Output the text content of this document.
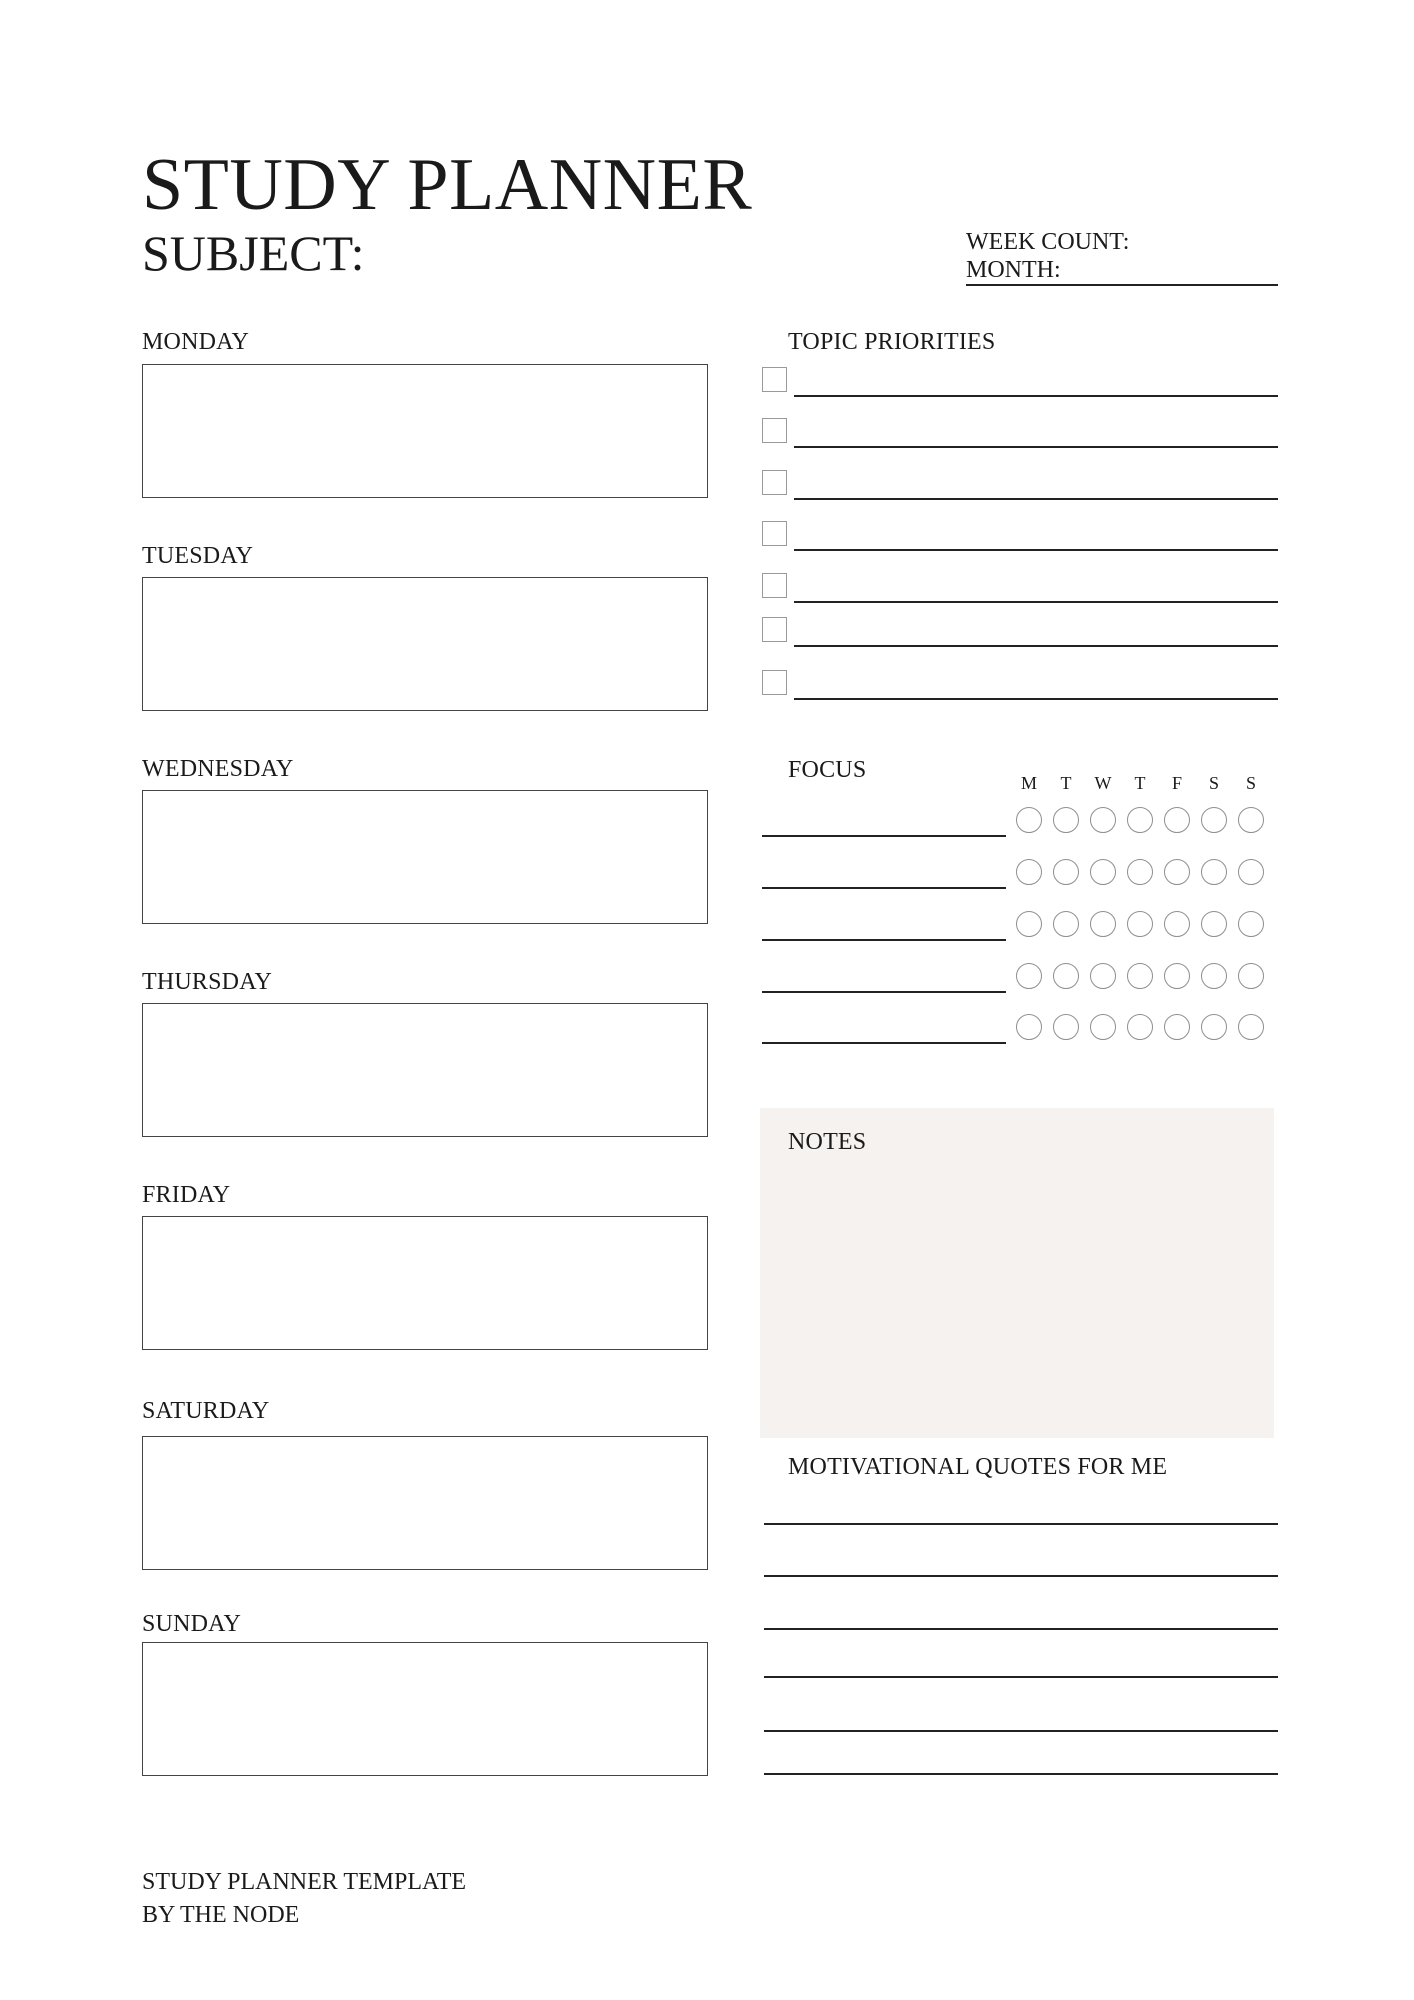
STUDY PLANNER
SUBJECT:	WEEK COUNT:
MONTH:
MONDAY
TUESDAY
WEDNESDAY
THURSDAY
FRIDAY
SATURDAY
SUNDAY
TOPIC PRIORITIES
FOCUS	M	T	W	T	F	S	S
NOTES
MOTIVATIONAL QUOTES FOR ME
STUDY PLANNER TEMPLATE
BY THE NODE
